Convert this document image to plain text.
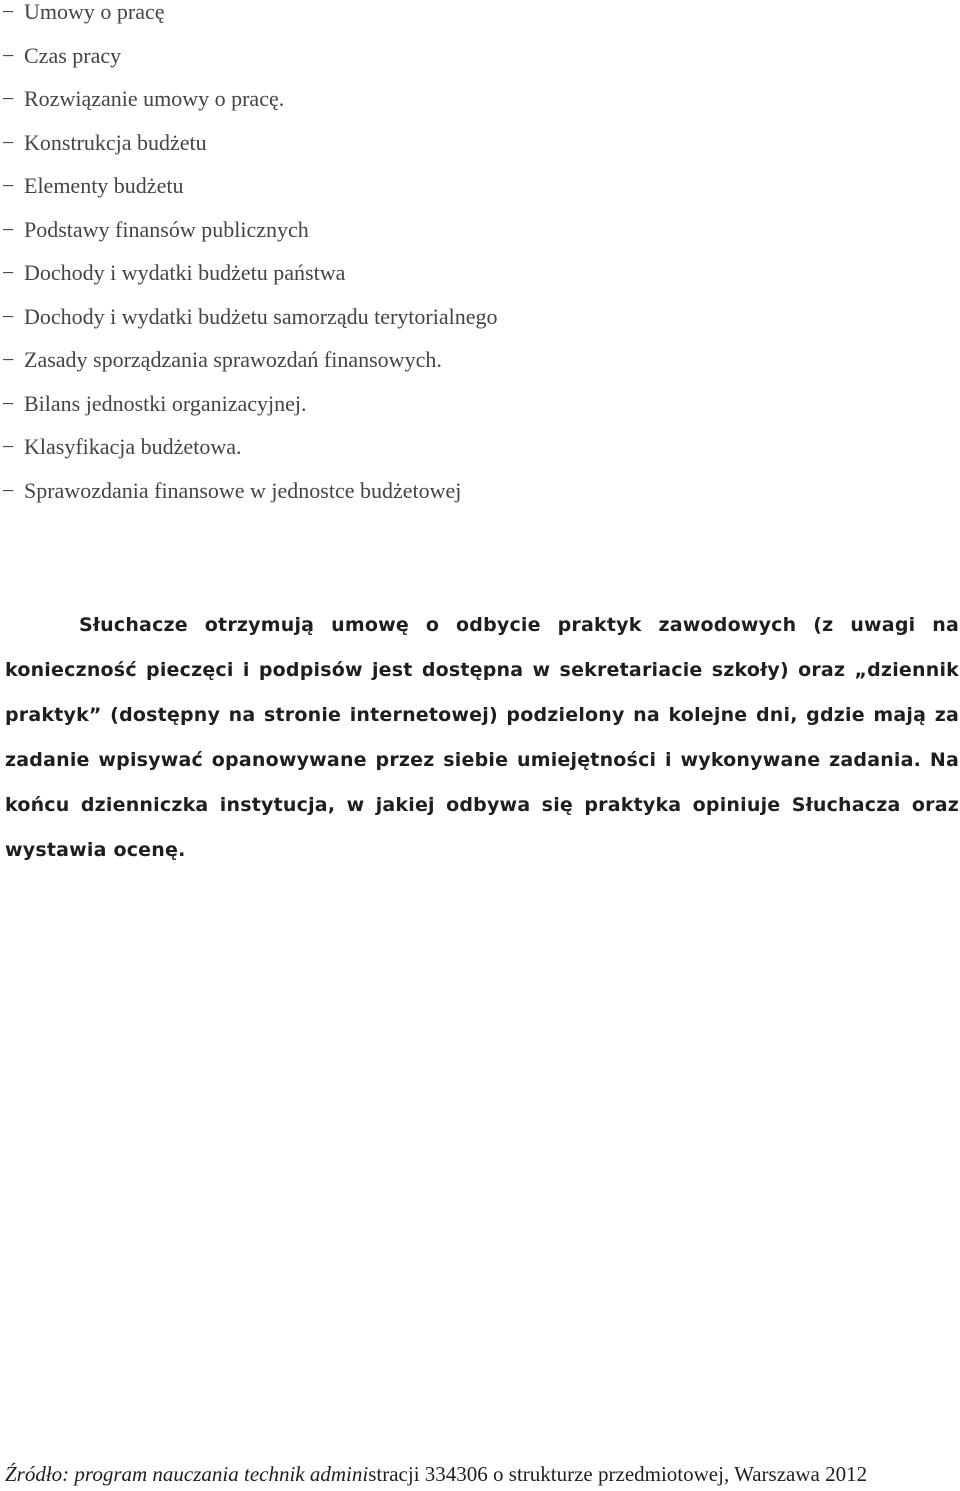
− Umowy o pracę
− Czas pracy
− Rozwiązanie umowy o pracę.
− Konstrukcja budżetu
− Elementy budżetu
− Podstawy finansów publicznych
− Dochody i wydatki budżetu państwa
− Dochody i wydatki budżetu samorządu terytorialnego
− Zasady sporządzania sprawozdań finansowych.
− Bilans jednostki organizacyjnej.
− Klasyfikacja budżetowa.
− Sprawozdania finansowe w jednostce budżetowej

Słuchacze otrzymują umowę o odbycie praktyk zawodowych (z uwagi na konieczność pieczęci i podpisów jest dostępna w sekretariacie szkoły) oraz „dziennik praktyk” (dostępny na stronie internetowej) podzielony na kolejne dni, gdzie mają za zadanie wpisywać opanowywane przez siebie umiejętności i wykonywane zadania. Na końcu dzienniczka instytucja, w jakiej odbywa się praktyka opiniuje Słuchacza oraz wystawia ocenę.

Źródło: program nauczania technik administracji 334306 o strukturze przedmiotowej, Warszawa 2012
